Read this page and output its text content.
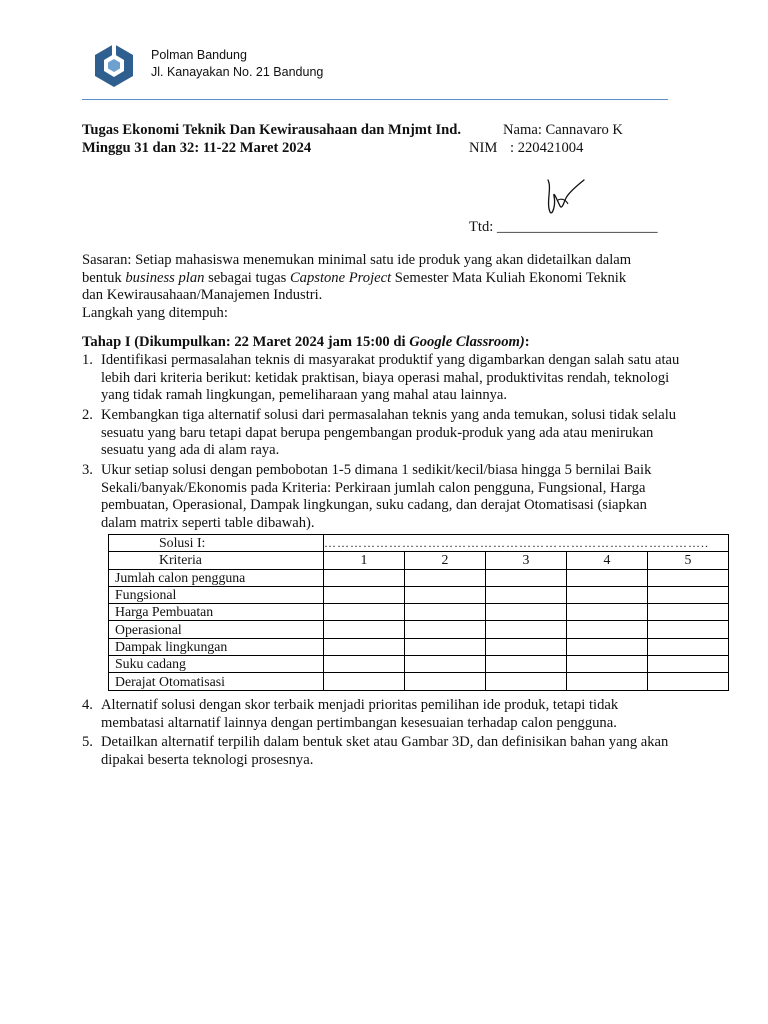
Polman Bandung
Jl. Kanayakan No. 21 Bandung
Tugas Ekonomi Teknik Dan Kewirausahaan dan Mnjmt Ind.	Nama: Cannavaro K
Minggu 31 dan 32: 11-22 Maret 2024	NIM : 220421004
Ttd: ______________________
Sasaran: Setiap mahasiswa menemukan minimal satu ide produk yang akan didetailkan dalam
bentuk business plan sebagai tugas Capstone Project Semester Mata Kuliah Ekonomi Teknik
dan Kewirausahaan/Manajemen Industri.
Langkah yang ditempuh:
Tahap I (Dikumpulkan: 22 Maret 2024 jam 15:00 di Google Classroom):
1. Identifikasi permasalahan teknis di masyarakat produktif yang digambarkan dengan salah satu atau lebih dari kriteria berikut: ketidak praktisan, biaya operasi mahal, produktivitas rendah, teknologi yang tidak ramah lingkungan, pemeliharaan yang mahal atau lainnya.
2. Kembangkan tiga alternatif solusi dari permasalahan teknis yang anda temukan, solusi tidak selalu sesuatu yang baru tetapi dapat berupa pengembangan produk-produk yang ada atau menirukan sesuatu yang ada di alam raya.
3. Ukur setiap solusi dengan pembobotan 1-5 dimana 1 sedikit/kecil/biasa hingga 5 bernilai Baik Sekali/banyak/Ekonomis pada Kriteria: Perkiraan jumlah calon pengguna, Fungsional, Harga pembuatan, Operasional, Dampak lingkungan, suku cadang, dan derajat Otomatisasi (siapkan dalam matrix seperti table dibawah).
Solusi I:	……………………………………………………………………………..				
Kriteria	1	2	3	4	5
Jumlah calon pengguna					
Fungsional					
Harga Pembuatan					
Operasional					
Dampak lingkungan					
Suku cadang					
Derajat Otomatisasi					
4. Alternatif solusi dengan skor terbaik menjadi prioritas pemilihan ide produk, tetapi tidak membatasi altarnatif lainnya dengan pertimbangan kesesuaian terhadap calon pengguna.
5. Detailkan alternatif terpilih dalam bentuk sket atau Gambar 3D, dan definisikan bahan yang akan dipakai beserta teknologi prosesnya.
